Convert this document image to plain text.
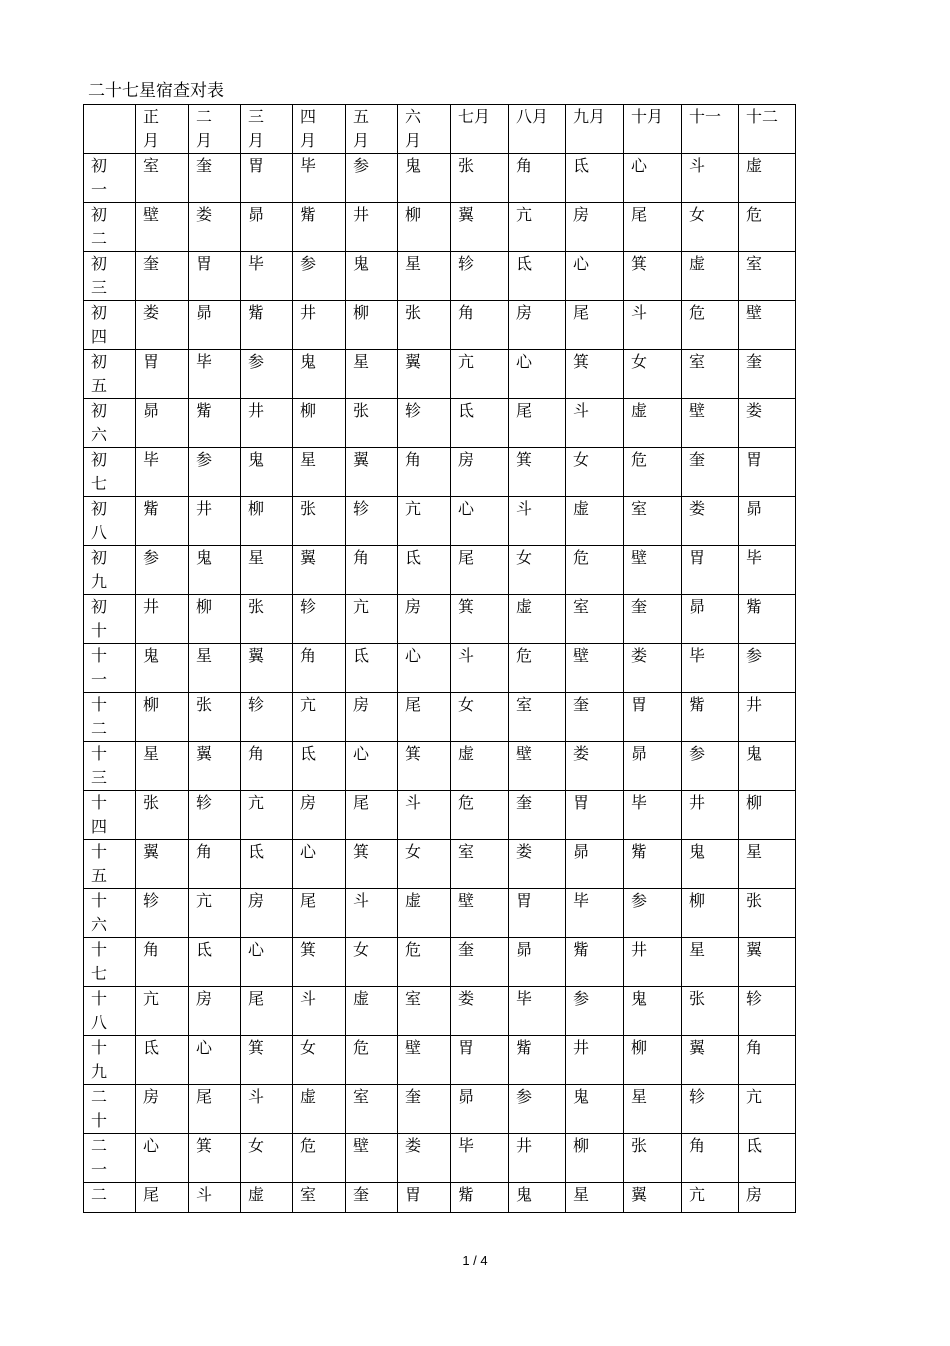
二十七星宿查对表
	正月	二月	三月	四月	五月	六月	七月	八月	九月	十月	十一	十二
初一	室	奎	胃	毕	参	鬼	张	角	氐	心	斗	虚
初二	壁	娄	昴	觜	井	柳	翼	亢	房	尾	女	危
初三	奎	胃	毕	参	鬼	星	轸	氐	心	箕	虚	室
初四	娄	昴	觜	井	柳	张	角	房	尾	斗	危	壁
初五	胃	毕	参	鬼	星	翼	亢	心	箕	女	室	奎
初六	昴	觜	井	柳	张	轸	氐	尾	斗	虚	壁	娄
初七	毕	参	鬼	星	翼	角	房	箕	女	危	奎	胃
初八	觜	井	柳	张	轸	亢	心	斗	虚	室	娄	昴
初九	参	鬼	星	翼	角	氐	尾	女	危	壁	胃	毕
初十	井	柳	张	轸	亢	房	箕	虚	室	奎	昴	觜
十一	鬼	星	翼	角	氐	心	斗	危	壁	娄	毕	参
十二	柳	张	轸	亢	房	尾	女	室	奎	胃	觜	井
十三	星	翼	角	氐	心	箕	虚	壁	娄	昴	参	鬼
十四	张	轸	亢	房	尾	斗	危	奎	胃	毕	井	柳
十五	翼	角	氐	心	箕	女	室	娄	昴	觜	鬼	星
十六	轸	亢	房	尾	斗	虚	壁	胃	毕	参	柳	张
十七	角	氐	心	箕	女	危	奎	昴	觜	井	星	翼
十八	亢	房	尾	斗	虚	室	娄	毕	参	鬼	张	轸
十九	氐	心	箕	女	危	壁	胃	觜	井	柳	翼	角
二十	房	尾	斗	虚	室	奎	昴	参	鬼	星	轸	亢
二一	心	箕	女	危	壁	娄	毕	井	柳	张	角	氐
二	尾	斗	虚	室	奎	胃	觜	鬼	星	翼	亢	房
1 / 4
